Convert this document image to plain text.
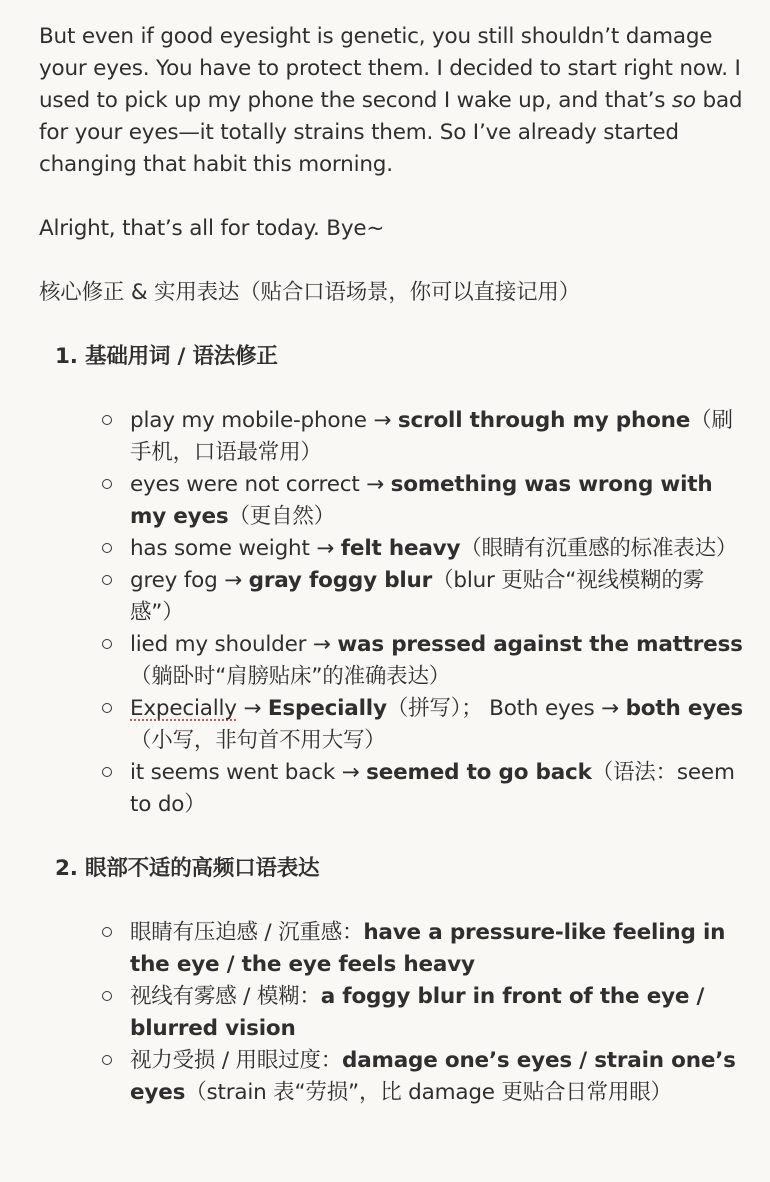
But even if good eyesight is genetic, you still shouldn’t damage your eyes. You have to protect them. I decided to start right now. I used to pick up my phone the second I wake up, and that’s so bad for your eyes—it totally strains them. So I’ve already started changing that habit this morning.

Alright, that’s all for today. Bye~

核心修正 & 实用表达（贴合口语场景，你可以直接记用）

1. 基础用词 / 语法修正

play my mobile-phone → scroll through my phone（刷手机，口语最常用）
eyes were not correct → something was wrong with my eyes（更自然）
has some weight → felt heavy（眼睛有沉重感的标准表达）
grey fog → gray foggy blur（blur 更贴合“视线模糊的雾感”）
lied my shoulder → was pressed against the mattress（躺卧时“肩膀贴床”的准确表达）
Expecially → Especially（拼写）； Both eyes → both eyes（小写，非句首不用大写）
it seems went back → seemed to go back（语法：seem to do）

2. 眼部不适的高频口语表达

眼睛有压迫感 / 沉重感：have a pressure-like feeling in the eye / the eye feels heavy
视线有雾感 / 模糊：a foggy blur in front of the eye / blurred vision
视力受损 / 用眼过度：damage one’s eyes / strain one’s eyes（strain 表“劳损”，比 damage 更贴合日常用眼）
